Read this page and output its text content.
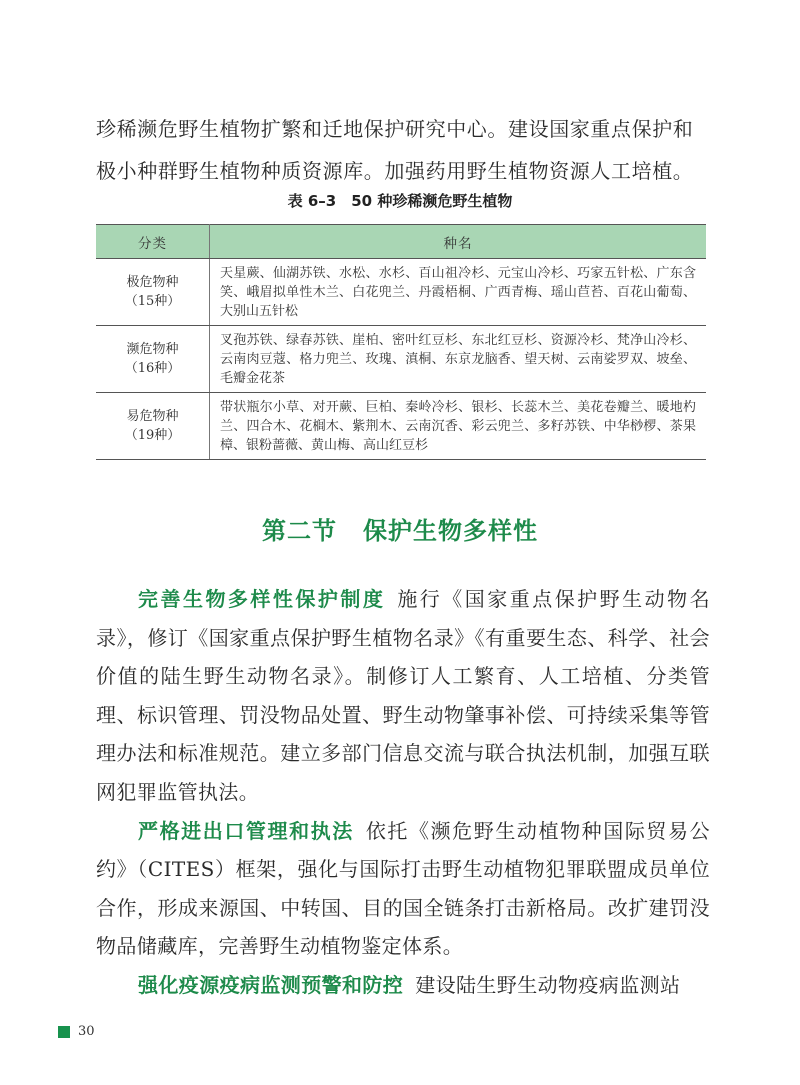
珍稀濒危野生植物扩繁和迁地保护研究中心。建设国家重点保护和

极小种群野生植物种质资源库。加强药用野生植物资源人工培植。

表 6–3　50 种珍稀濒危野生植物
分类	种名

极危物种
（15种）	天星蕨、仙湖苏铁、水松、水杉、百山祖冷杉、元宝山冷杉、巧家五针松、广东含笑、峨眉拟单性木兰、白花兜兰、丹霞梧桐、广西青梅、瑶山苣苔、百花山葡萄、大别山五针松

濒危物种
（16种）	叉孢苏铁、绿春苏铁、崖柏、密叶红豆杉、东北红豆杉、资源冷杉、梵净山冷杉、云南肉豆蔻、格力兜兰、玫瑰、滇桐、东京龙脑香、望天树、云南娑罗双、坡垒、毛瓣金花茶

易危物种
（19种）	带状瓶尔小草、对开蕨、巨柏、秦岭冷杉、银杉、长蕊木兰、美花卷瓣兰、暖地杓兰、四合木、花榈木、紫荆木、云南沉香、彩云兜兰、多籽苏铁、中华桫椤、茶果樟、银粉蔷薇、黄山梅、高山红豆杉
第二节 保护生物多样性

完善生物多样性保护制度 施行《国家重点保护野生动物名录》，修订《国家重点保护野生植物名录》《有重要生态、科学、社会价值的陆生野生动物名录》。制修订人工繁育、人工培植、分类管理、标识管理、罚没物品处置、野生动物肇事补偿、可持续采集等管理办法和标准规范。建立多部门信息交流与联合执法机制，加强互联网犯罪监管执法。

严格进出口管理和执法 依托《濒危野生动植物种国际贸易公约》（CITES）框架，强化与国际打击野生动植物犯罪联盟成员单位合作，形成来源国、中转国、目的国全链条打击新格局。改扩建罚没物品储藏库，完善野生动植物鉴定体系。

强化疫源疫病监测预警和防控 建设陆生野生动物疫病监测站

30
